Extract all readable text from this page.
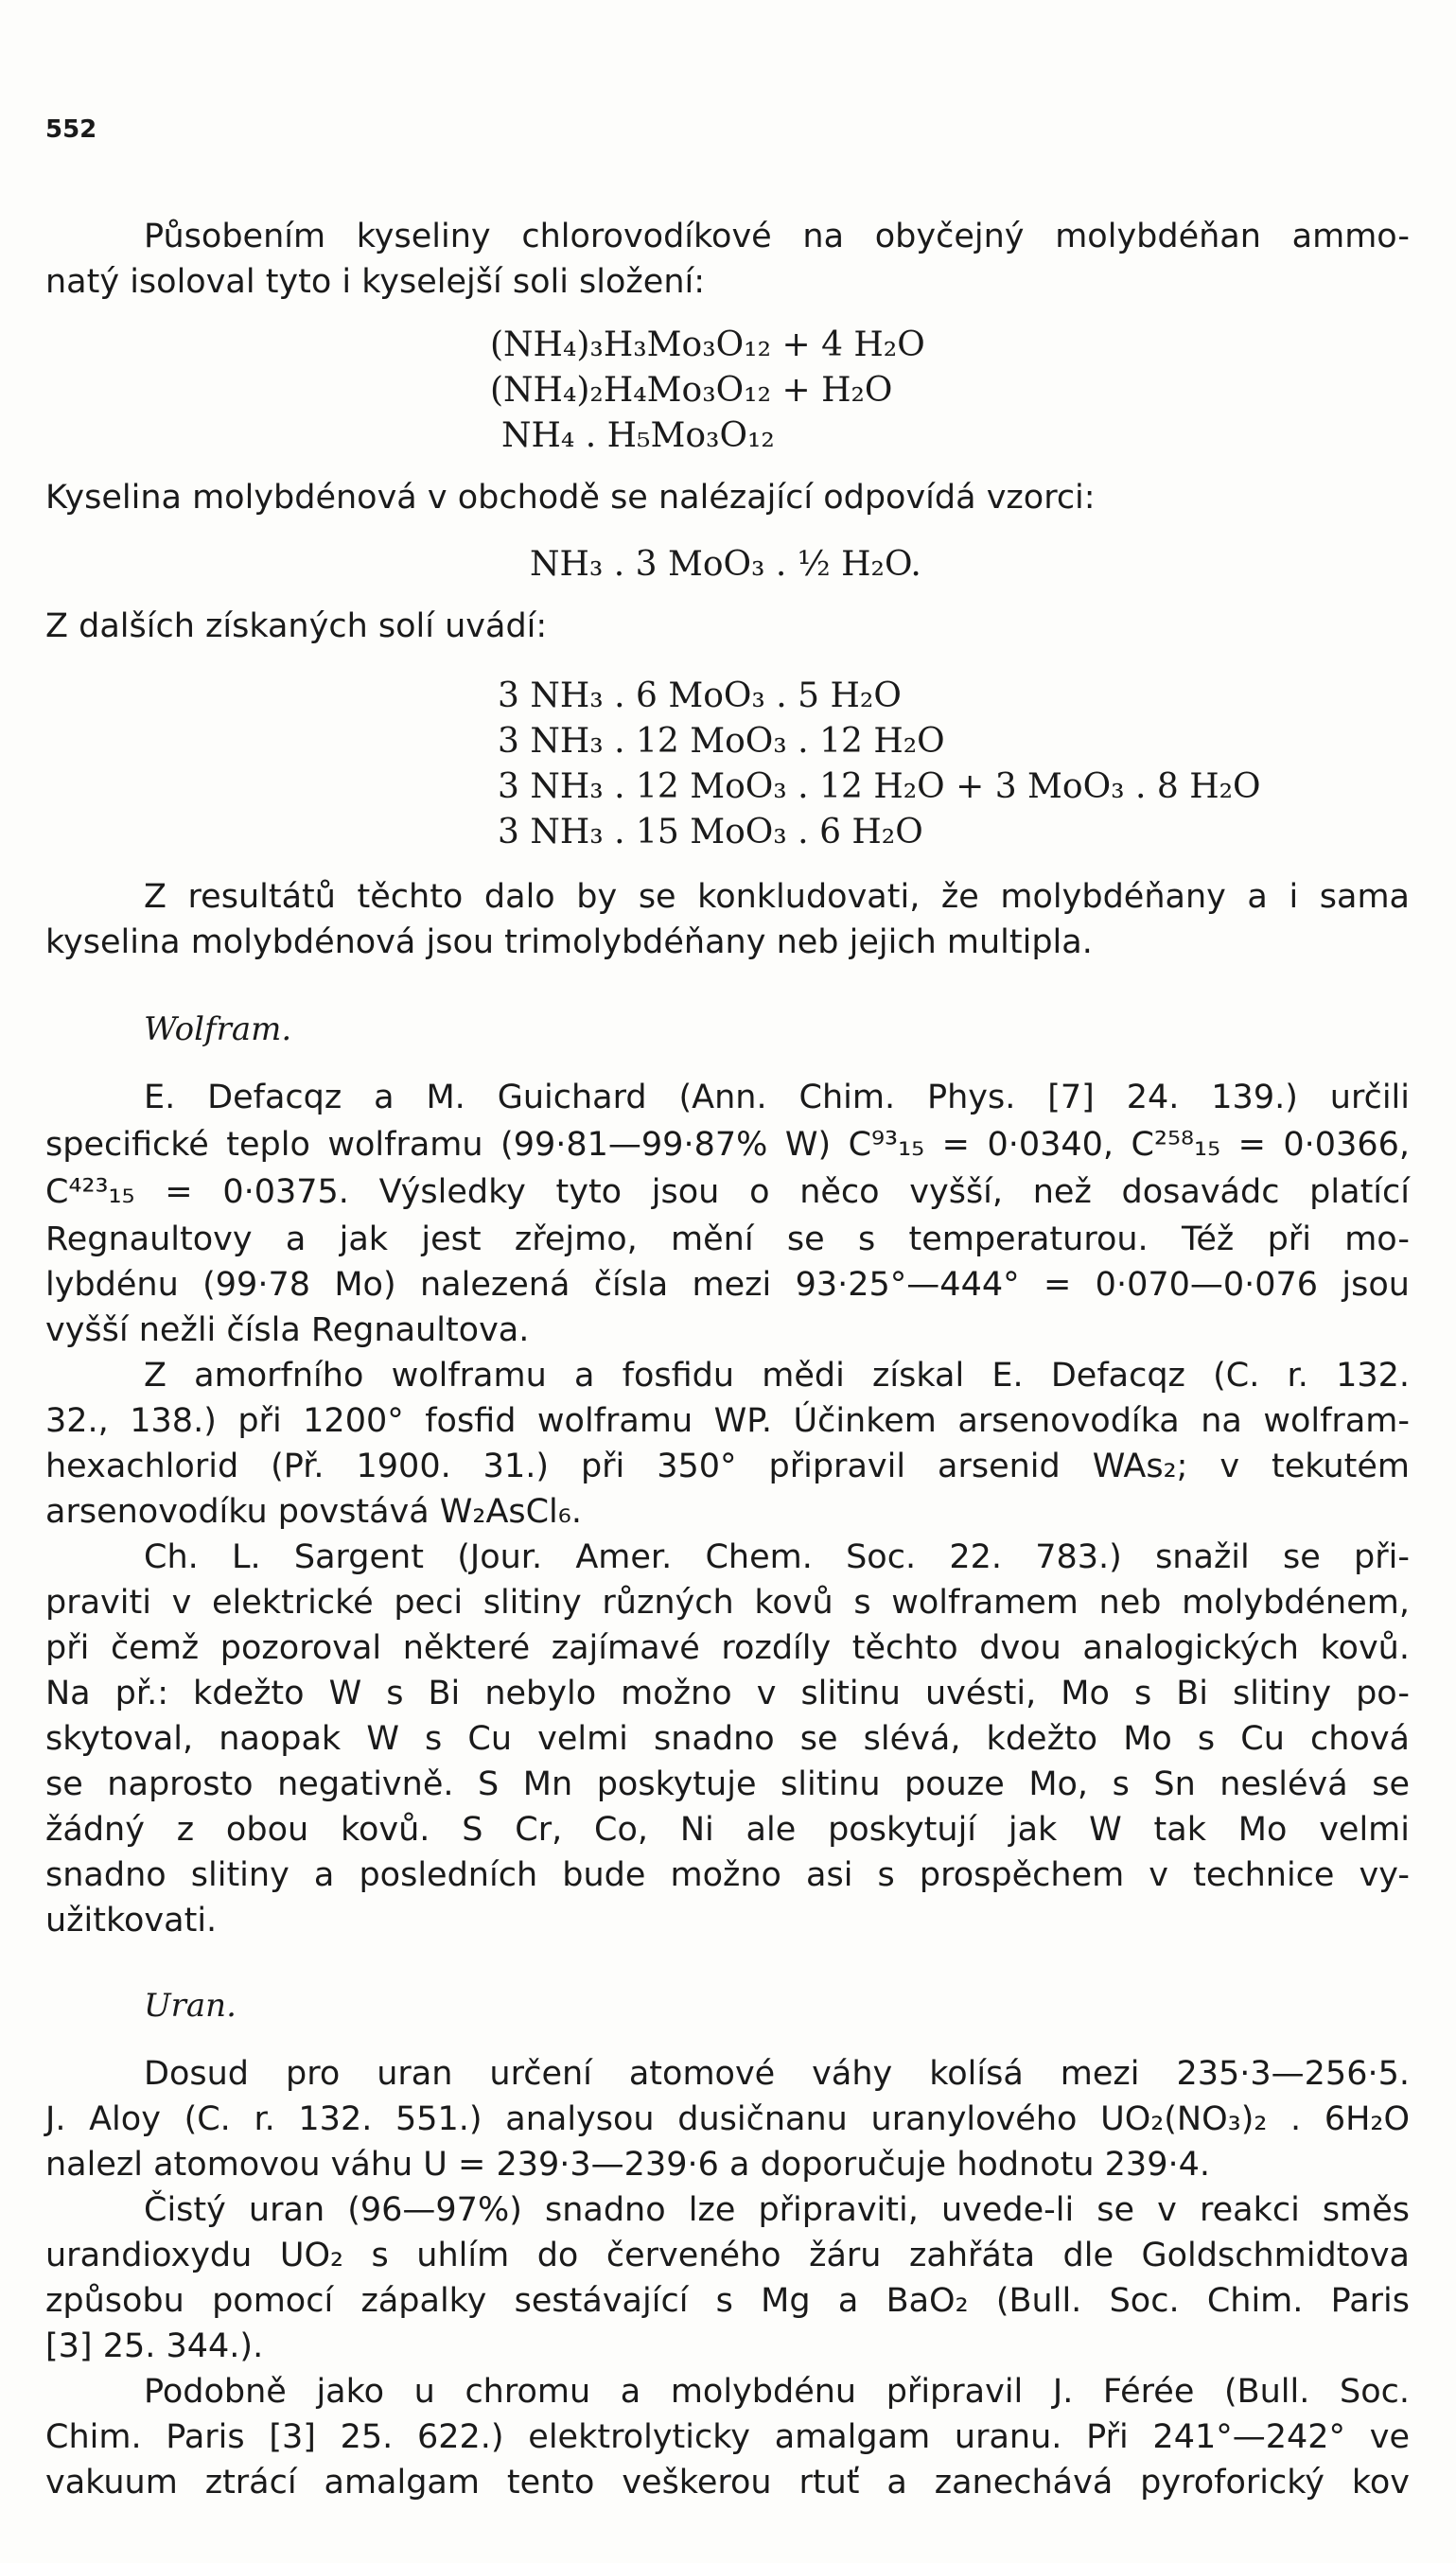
552
Působením kyseliny chlorovodíkové na obyčejný molybdéňan ammo-
natý isoloval tyto i kyselejší soli složení:
(NH₄)₃H₃Mo₃O₁₂ + 4 H₂O
(NH₄)₂H₄Mo₃O₁₂ + H₂O
NH₄ . H₅Mo₃O₁₂
Kyselina molybdénová v obchodě se nalézající odpovídá vzorci:
NH₃ . 3 MoO₃ . ½ H₂O.
Z dalších získaných solí uvádí:
3 NH₃ . 6 MoO₃ . 5 H₂O
3 NH₃ . 12 MoO₃ . 12 H₂O
3 NH₃ . 12 MoO₃ . 12 H₂O + 3 MoO₃ . 8 H₂O
3 NH₃ . 15 MoO₃ . 6 H₂O
Z resultátů těchto dalo by se konkludovati, že molybdéňany a i sama
kyselina molybdénová jsou trimolybdéňany neb jejich multipla.
Wolfram.
E. Defacqz a M. Guichard (Ann. Chim. Phys. [7] 24. 139.) určili
specifické teplo wolframu (99·81—99·87% W) C⁹³₁₅ = 0·0340, C²⁵⁸₁₅ = 0·0366,
C⁴²³₁₅ = 0·0375. Výsledky tyto jsou o něco vyšší, než dosavádc platící
Regnaultovy a jak jest zřejmo, mění se s temperaturou. Též při mo-
lybdénu (99·78 Mo) nalezená čísla mezi 93·25°—444° = 0·070—0·076 jsou
vyšší nežli čísla Regnaultova.
Z amorfního wolframu a fosfidu mědi získal E. Defacqz (C. r. 132.
32., 138.) při 1200° fosfid wolframu WP. Účinkem arsenovodíka na wolfram-
hexachlorid (Př. 1900. 31.) při 350° připravil arsenid WAs₂; v tekutém
arsenovodíku povstává W₂AsCl₆.
Ch. L. Sargent (Jour. Amer. Chem. Soc. 22. 783.) snažil se při-
praviti v elektrické peci slitiny různých kovů s wolframem neb molybdénem,
při čemž pozoroval některé zajímavé rozdíly těchto dvou analogických kovů.
Na př.: kdežto W s Bi nebylo možno v slitinu uvésti, Mo s Bi slitiny po-
skytoval, naopak W s Cu velmi snadno se slévá, kdežto Mo s Cu chová
se naprosto negativně. S Mn poskytuje slitinu pouze Mo, s Sn neslévá se
žádný z obou kovů. S Cr, Co, Ni ale poskytují jak W tak Mo velmi
snadno slitiny a posledních bude možno asi s prospěchem v technice vy-
užitkovati.
Uran.
Dosud pro uran určení atomové váhy kolísá mezi 235·3—256·5.
J. Aloy (C. r. 132. 551.) analysou dusičnanu uranylového UO₂(NO₃)₂ . 6H₂O
nalezl atomovou váhu U = 239·3—239·6 a doporučuje hodnotu 239·4.
Čistý uran (96—97%) snadno lze připraviti, uvede-li se v reakci směs
urandioxydu UO₂ s uhlím do červeného žáru zahřáta dle Goldschmidtova
způsobu pomocí zápalky sestávající s Mg a BaO₂ (Bull. Soc. Chim. Paris
[3] 25. 344.).
Podobně jako u chromu a molybdénu připravil J. Férée (Bull. Soc.
Chim. Paris [3] 25. 622.) elektrolyticky amalgam uranu. Při 241°—242° ve
vakuum ztrácí amalgam tento veškerou rtuť a zanechává pyroforický kov
